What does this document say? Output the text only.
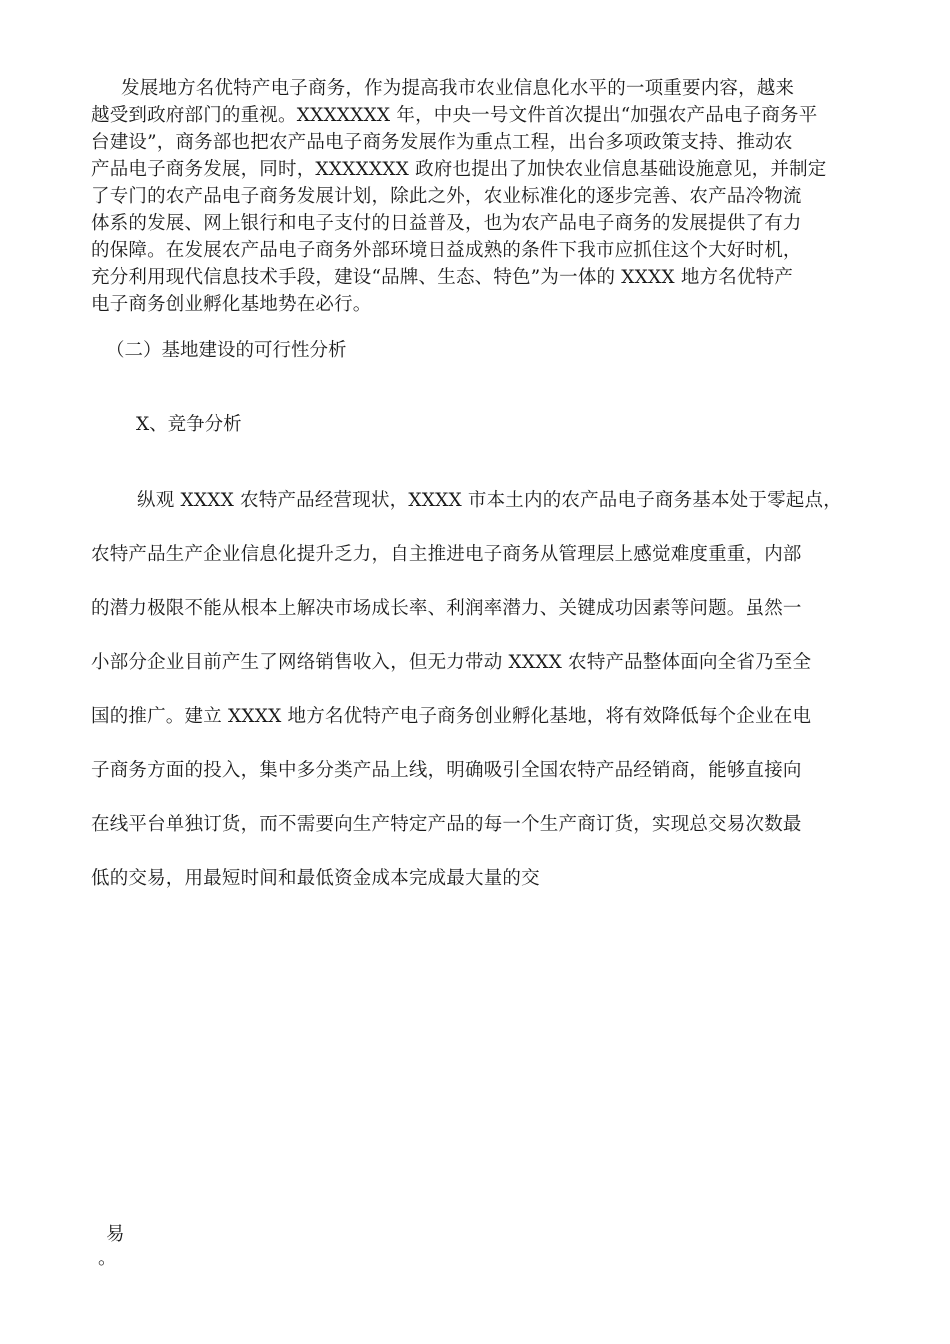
发展地方名优特产电子商务，作为提高我市农业信息化水平的一项重要内容，越来
越受到政府部门的重视。XXXXXXX 年，中央一号文件首次提出“加强农产品电子商务平
台建设”，商务部也把农产品电子商务发展作为重点工程，出台多项政策支持、推动农
产品电子商务发展，同时，XXXXXXX 政府也提出了加快农业信息基础设施意见，并制定
了专门的农产品电子商务发展计划，除此之外，农业标准化的逐步完善、农产品冷物流
体系的发展、网上银行和电子支付的日益普及，也为农产品电子商务的发展提供了有力
的保障。在发展农产品电子商务外部环境日益成熟的条件下我市应抓住这个大好时机，
充分利用现代信息技术手段，建设“品牌、生态、特色”为一体的 XXXX 地方名优特产
电子商务创业孵化基地势在必行。
（二）基地建设的可行性分析
X、竞争分析
纵观 XXXX 农特产品经营现状，XXXX 市本土内的农产品电子商务基本处于零起点，
农特产品生产企业信息化提升乏力，自主推进电子商务从管理层上感觉难度重重，内部
的潜力极限不能从根本上解决市场成长率、利润率潜力、关键成功因素等问题。虽然一
小部分企业目前产生了网络销售收入，但无力带动 XXXX 农特产品整体面向全省乃至全
国的推广。建立 XXXX 地方名优特产电子商务创业孵化基地，将有效降低每个企业在电
子商务方面的投入，集中多分类产品上线，明确吸引全国农特产品经销商，能够直接向
在线平台单独订货，而不需要向生产特定产品的每一个生产商订货，实现总交易次数最
低的交易，用最短时间和最低资金成本完成最大量的交
易
。
